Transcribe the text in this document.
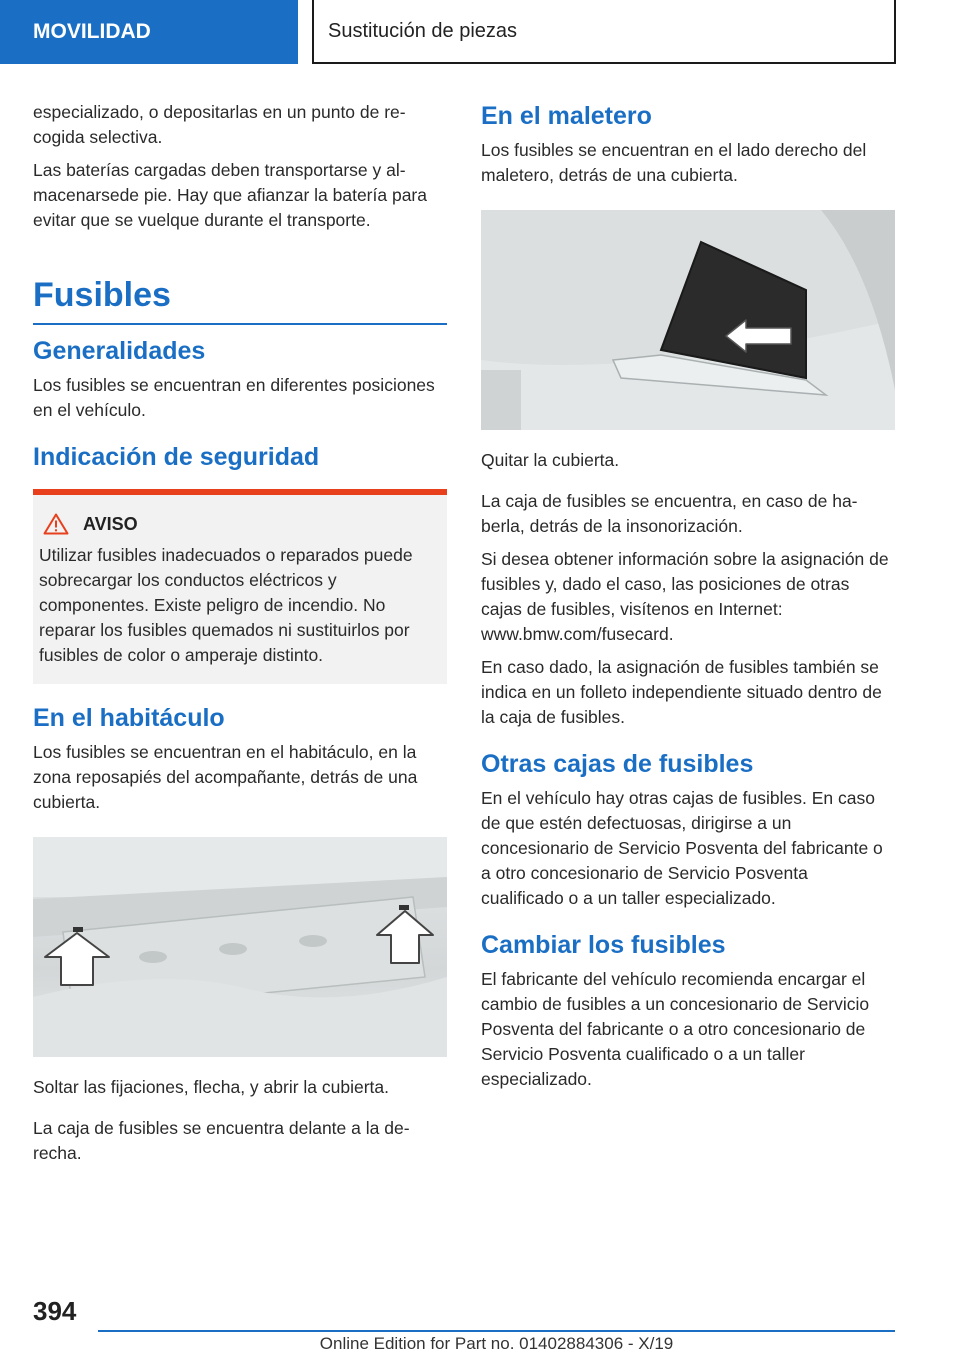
MOVILIDAD	Sustitución de piezas

especializado, o depositarlas en un punto de recogida selectiva.

Las baterías cargadas deben transportarse y almacenarsede pie. Hay que afianzar la batería para evitar que se vuelque durante el transporte.

Fusibles
Generalidades

Los fusibles se encuentran en diferentes posiciones en el vehículo.

Indicación de seguridad
AVISO

Utilizar fusibles inadecuados o reparados puede sobrecargar los conductos eléctricos y componentes. Existe peligro de incendio. No reparar los fusibles quemados ni sustituirlos por fusibles de color o amperaje distinto.

En el habitáculo

Los fusibles se encuentran en el habitáculo, en la zona reposapiés del acompañante, detrás de una cubierta.

Soltar las fijaciones, flecha, y abrir la cubierta.

La caja de fusibles se encuentra delante a la derecha.

En el maletero

Los fusibles se encuentran en el lado derecho del maletero, detrás de una cubierta.

Quitar la cubierta.

La caja de fusibles se encuentra, en caso de haberla, detrás de la insonorización.

Si desea obtener información sobre la asignación de fusibles y, dado el caso, las posiciones de otras cajas de fusibles, visítenos en Internet: www.bmw.com/fusecard.

En caso dado, la asignación de fusibles también se indica en un folleto independiente situado dentro de la caja de fusibles.

Otras cajas de fusibles

En el vehículo hay otras cajas de fusibles. En caso de que estén defectuosas, dirigirse a un concesionario de Servicio Posventa del fabricante o a otro concesionario de Servicio Posventa cualificado o a un taller especializado.

Cambiar los fusibles

El fabricante del vehículo recomienda encargar el cambio de fusibles a un concesionario de Servicio Posventa del fabricante o a otro concesionario de Servicio Posventa cualificado o a un taller especializado.

394
Online Edition for Part no. 01402884306 - X/19
